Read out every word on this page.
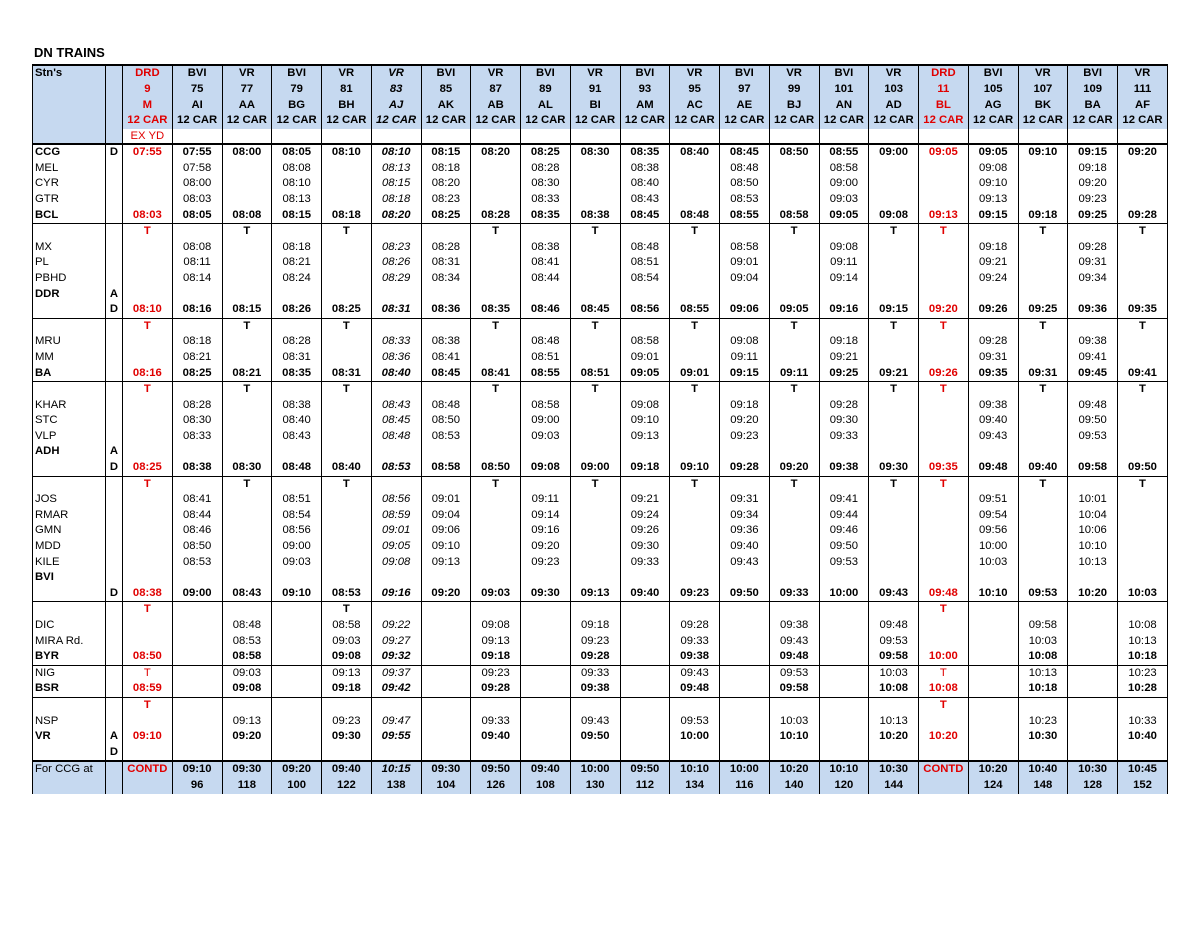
DN TRAINS
Stn's		DRD	BVI	VR	BVI	VR	VR	BVI	VR	BVI	VR	BVI	VR	BVI	VR	BVI	VR	DRD	BVI	VR	BVI	VR
		9	75	77	79	81	83	85	87	89	91	93	95	97	99	101	103	11	105	107	109	111
		M	AI	AA	BG	BH	AJ	AK	AB	AL	BI	AM	AC	AE	BJ	AN	AD	BL	AG	BK	BA	AF
		12 CAR	12 CAR	12 CAR	12 CAR	12 CAR	12 CAR	12 CAR	12 CAR	12 CAR	12 CAR	12 CAR	12 CAR	12 CAR	12 CAR	12 CAR	12 CAR	12 CAR	12 CAR	12 CAR	12 CAR	12 CAR
		EX YD																				
CCG	D	07:55	07:55	08:00	08:05	08:10	08:10	08:15	08:20	08:25	08:30	08:35	08:40	08:45	08:50	08:55	09:00	09:05	09:05	09:10	09:15	09:20
MEL			07:58		08:08		08:13	08:18		08:28		08:38		08:48		08:58			09:08		09:18	
CYR			08:00		08:10		08:15	08:20		08:30		08:40		08:50		09:00			09:10		09:20	
GTR			08:03		08:13		08:18	08:23		08:33		08:43		08:53		09:03			09:13		09:23	
BCL		08:03	08:05	08:08	08:15	08:18	08:20	08:25	08:28	08:35	08:38	08:45	08:48	08:55	08:58	09:05	09:08	09:13	09:15	09:18	09:25	09:28
		T		T		T			T		T		T		T		T	T		T		T
MX			08:08		08:18		08:23	08:28		08:38		08:48		08:58		09:08			09:18		09:28	
PL			08:11		08:21		08:26	08:31		08:41		08:51		09:01		09:11			09:21		09:31	
PBHD			08:14		08:24		08:29	08:34		08:44		08:54		09:04		09:14			09:24		09:34	
DDR	A																					
	D	08:10	08:16	08:15	08:26	08:25	08:31	08:36	08:35	08:46	08:45	08:56	08:55	09:06	09:05	09:16	09:15	09:20	09:26	09:25	09:36	09:35
		T		T		T			T		T		T		T		T	T		T		T
MRU			08:18		08:28		08:33	08:38		08:48		08:58		09:08		09:18			09:28		09:38	
MM			08:21		08:31		08:36	08:41		08:51		09:01		09:11		09:21			09:31		09:41	
BA		08:16	08:25	08:21	08:35	08:31	08:40	08:45	08:41	08:55	08:51	09:05	09:01	09:15	09:11	09:25	09:21	09:26	09:35	09:31	09:45	09:41
		T		T		T			T		T		T		T		T	T		T		T
KHAR			08:28		08:38		08:43	08:48		08:58		09:08		09:18		09:28			09:38		09:48	
STC			08:30		08:40		08:45	08:50		09:00		09:10		09:20		09:30			09:40		09:50	
VLP			08:33		08:43		08:48	08:53		09:03		09:13		09:23		09:33			09:43		09:53	
ADH	A																					
	D	08:25	08:38	08:30	08:48	08:40	08:53	08:58	08:50	09:08	09:00	09:18	09:10	09:28	09:20	09:38	09:30	09:35	09:48	09:40	09:58	09:50
		T		T		T			T		T		T		T		T	T		T		T
JOS			08:41		08:51		08:56	09:01		09:11		09:21		09:31		09:41			09:51		10:01	
RMAR			08:44		08:54		08:59	09:04		09:14		09:24		09:34		09:44			09:54		10:04	
GMN			08:46		08:56		09:01	09:06		09:16		09:26		09:36		09:46			09:56		10:06	
MDD			08:50		09:00		09:05	09:10		09:20		09:30		09:40		09:50			10:00		10:10	
KILE			08:53		09:03		09:08	09:13		09:23		09:33		09:43		09:53			10:03		10:13	
BVI																						
	D	08:38	09:00	08:43	09:10	08:53	09:16	09:20	09:03	09:30	09:13	09:40	09:23	09:50	09:33	10:00	09:43	09:48	10:10	09:53	10:20	10:03
		T				T												T				
DIC				08:48		08:58	09:22		09:08		09:18		09:28		09:38		09:48			09:58		10:08
MIRA Rd.				08:53		09:03	09:27		09:13		09:23		09:33		09:43		09:53			10:03		10:13
BYR		08:50		08:58		09:08	09:32		09:18		09:28		09:38		09:48		09:58	10:00		10:08		10:18
NIG		T		09:03		09:13	09:37		09:23		09:33		09:43		09:53		10:03	T		10:13		10:23
BSR		08:59		09:08		09:18	09:42		09:28		09:38		09:48		09:58		10:08	10:08		10:18		10:28
		T																T				
NSP				09:13		09:23	09:47		09:33		09:43		09:53		10:03		10:13			10:23		10:33
VR	A	09:10		09:20		09:30	09:55		09:40		09:50		10:00		10:10		10:20	10:20		10:30		10:40
	D																					
For CCG at		CONTD	09:10	09:30	09:20	09:40	10:15	09:30	09:50	09:40	10:00	09:50	10:10	10:00	10:20	10:10	10:30	CONTD	10:20	10:40	10:30	10:45
			96	118	100	122	138	104	126	108	130	112	134	116	140	120	144		124	148	128	152
